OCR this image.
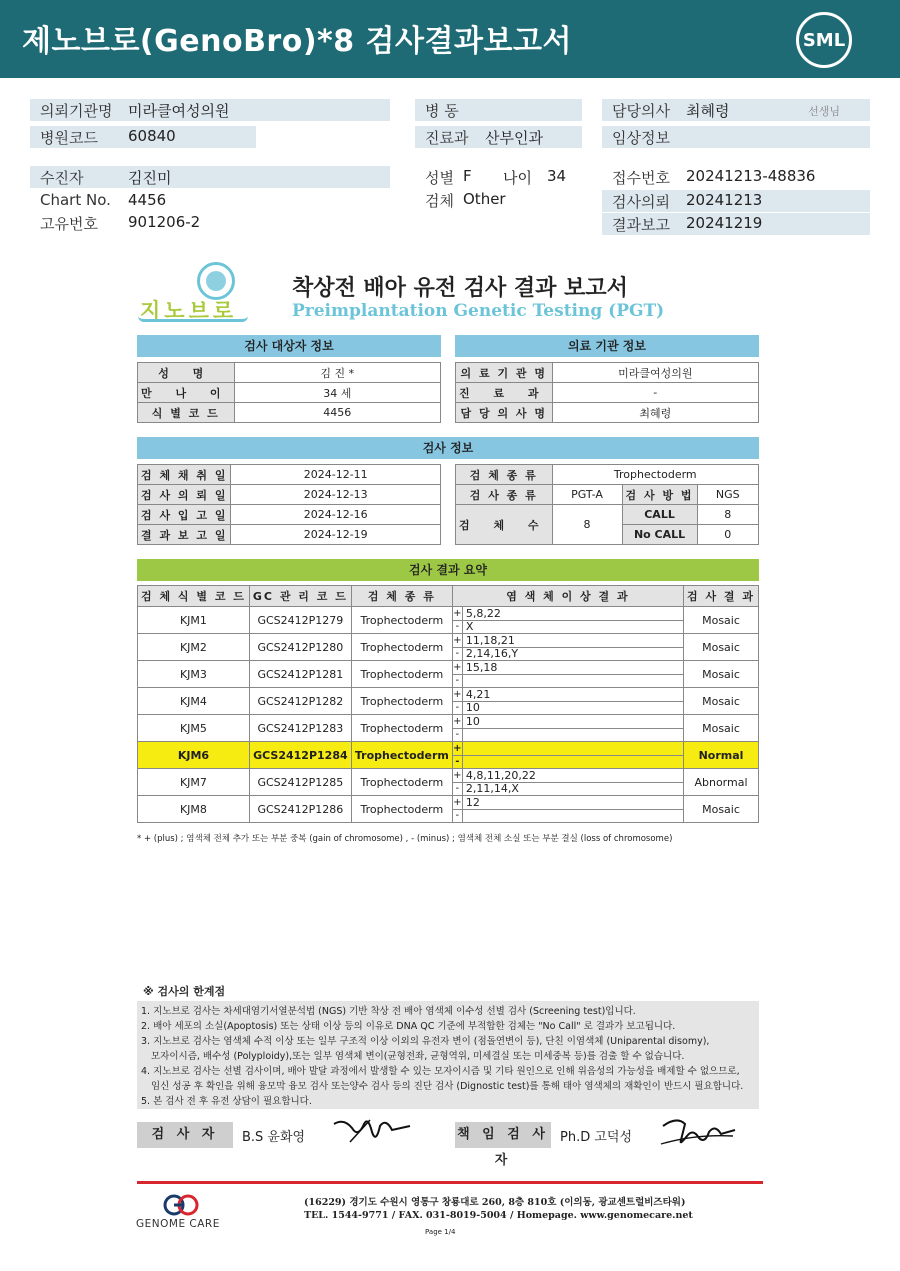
제노브로(GenoBro)*8 검사결과보고서	SML
의뢰기관명 미라클여성의원
병원코드 60840
병 동
진료과 산부인과
담당의사 최혜령	선생님
임상정보
수진자	김진미
Chart No. 4456
고유번호 901206-2
성별 F 나이 34
검체 Other
접수번호 20241213-48836
검사의뢰 20241213
결과보고 20241219
지노브로
착상전 배아 유전 검사 결과 보고서
Preimplantation Genetic Testing (PGT)
검사 대상자 정보	의료 기관 정보
성 명	김 진 *
만 나 이	34 세
식 별 코 드	4456
의 료 기 관 명	미라클여성의원
진 료 과	-
담 당 의 사 명	최혜령
검사 정보
검 체 채 취 일	2024-12-11
검 사 의 뢰 일	2024-12-13
검 사 입 고 일	2024-12-16
결 과 보 고 일	2024-12-19
검 체 종 류	Trophectoderm		
검 사 종 류	PGT-A	검 사 방 법	NGS
검 체 수	8	CALL	8
		No CALL	0
검사 결과 요약
검 체 식 별 코 드	GC 관 리 코 드	검 체 종 류	염 색 체 이 상 결 과		검 사 결 과
KJM1	GCS2412P1279	Trophectoderm	+	5,8,22	Mosaic
			-	X	
KJM2	GCS2412P1280	Trophectoderm	+	11,18,21	Mosaic
			-	2,14,16,Y	
KJM3	GCS2412P1281	Trophectoderm	+	15,18	Mosaic
			-		
KJM4	GCS2412P1282	Trophectoderm	+	4,21	Mosaic
			-	10	
KJM5	GCS2412P1283	Trophectoderm	+	10	Mosaic
			-		
KJM6	GCS2412P1284	Trophectoderm	+		Normal
			-		
KJM7	GCS2412P1285	Trophectoderm	+	4,8,11,20,22	Abnormal
			-	2,11,14,X	
KJM8	GCS2412P1286	Trophectoderm	+	12	Mosaic
			-		
* + (plus) ; 염색체 전체 추가 또는 부분 중복 (gain of chromosome) , - (minus) ; 염색체 전체 소실 또는 부분 결실 (loss of chromosome)
※ 검사의 한계점
1. 지노브로 검사는 차세대염기서열분석법 (NGS) 기반 착상 전 배아 염색체 이수성 선별 검사 (Screening test)입니다.
2. 배아 세포의 소실(Apoptosis) 또는 상태 이상 등의 이유로 DNA QC 기준에 부적합한 검체는 "No Call" 로 결과가 보고됩니다.
3. 지노브로 검사는 염색체 수적 이상 또는 일부 구조적 이상 이외의 유전자 변이 (점돌연변이 등), 단친 이염색체 (Uniparental disomy),
모자이시즘, 배수성 (Polyploidy),또는 일부 염색체 변이(균형전좌, 균형역위, 미세결실 또는 미세중복 등)를 검출 할 수 없습니다.
4. 지노브로 검사는 선별 검사이며, 배아 발달 과정에서 발생할 수 있는 모자이시즘 및 기타 원인으로 인해 위음성의 가능성을 배제할 수 없으므로,
임신 성공 후 확인을 위해 융모막 융모 검사 또는양수 검사 등의 진단 검사 (Dignostic test)를 통해 태아 염색체의 재확인이 반드시 필요합니다.
5. 본 검사 전 후 유전 상담이 필요합니다.
검 사 자	B.S 윤화영	책 임 검 사 자
Ph.D 고덕성
GENOME CARE
(16229) 경기도 수원시 영통구 창룡대로 260, 8층 810호 (이의동, 광교센트럴비즈타워)
TEL. 1544-9771 / FAX. 031-8019-5004 / Homepage. www.genomecare.net
Page 1/4
